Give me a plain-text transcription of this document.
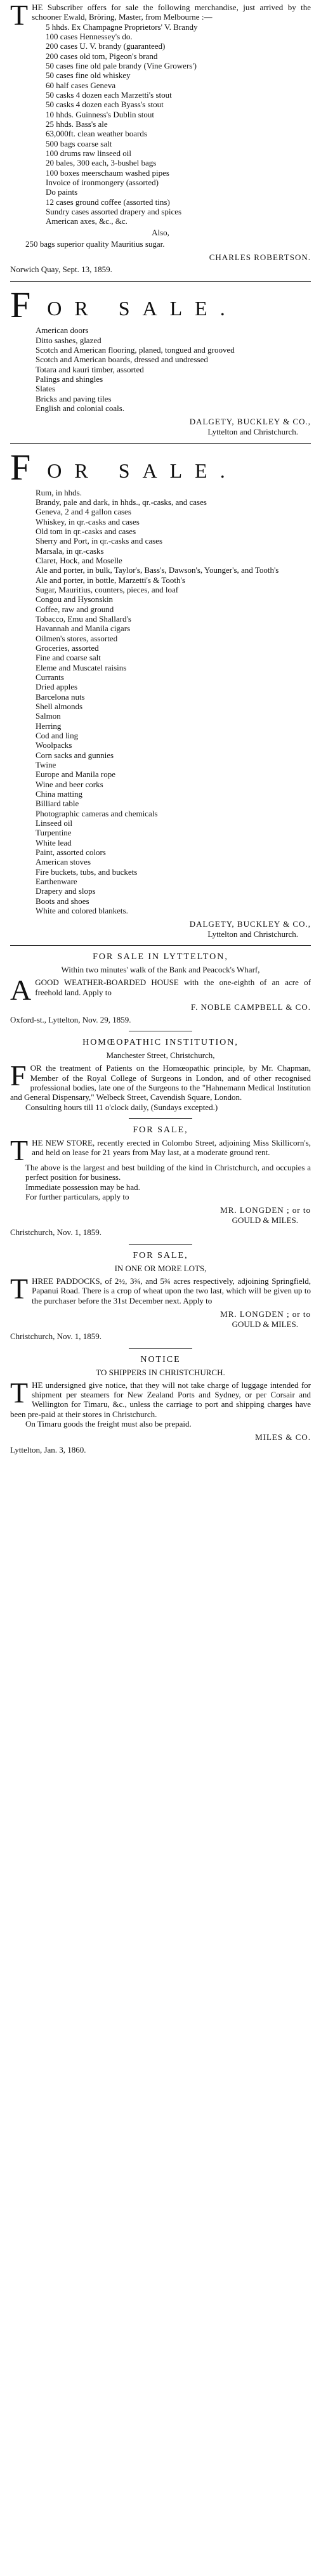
THE Subscriber offers for sale the following merchandise, just arrived by the schooner Ewald, Bröring, Master, from Melbourne :—

5 hhds. Ex Champagne Proprietors' V. Brandy
100 cases Hennessey's do.
200 cases U. V. brandy (guaranteed)
200 cases old tom, Pigeon's brand
50 cases fine old pale brandy (Vine Growers')
50 cases fine old whiskey
60 half cases Geneva
50 casks 4 dozen each Marzetti's stout
50 casks 4 dozen each Byass's stout
10 hhds. Guinness's Dublin stout
25 hhds. Bass's ale
63,000ft. clean weather boards
500 bags coarse salt
100 drums raw linseed oil
20 bales, 300 each, 3-bushel bags
100 boxes meerschaum washed pipes
Invoice of ironmongery (assorted)
Do paints
12 cases ground coffee (assorted tins)
Sundry cases assorted drapery and spices
American axes, &c., &c.

Also,

250 bags superior quality Mauritius sugar.

CHARLES ROBERTSON.

Norwich Quay, Sept. 13, 1859.

F OR SALE.
American doors
Ditto sashes, glazed
Scotch and American flooring, planed, tongued and grooved
Scotch and American boards, dressed and undressed
Totara and kauri timber, assorted
Palings and shingles
Slates
Bricks and paving tiles
English and colonial coals.

DALGETY, BUCKLEY & CO.,

Lyttelton and Christchurch.

F OR SALE.
Rum, in hhds.
Brandy, pale and dark, in hhds., qr.-casks, and cases
Geneva, 2 and 4 gallon cases
Whiskey, in qr.-casks and cases
Old tom in qr.-casks and cases
Sherry and Port, in qr.-casks and cases
Marsala, in qr.-casks
Claret, Hock, and Moselle
Ale and porter, in bulk, Taylor's, Bass's, Dawson's, Younger's, and Tooth's
Ale and porter, in bottle, Marzetti's & Tooth's
Sugar, Mauritius, counters, pieces, and loaf
Congou and Hysonskin
Coffee, raw and ground
Tobacco, Emu and Shallard's
Havannah and Manila cigars
Oilmen's stores, assorted
Groceries, assorted
Fine and coarse salt
Eleme and Muscatel raisins
Currants
Dried apples
Barcelona nuts
Shell almonds
Salmon
Herring
Cod and ling
Woolpacks
Corn sacks and gunnies
Twine
Europe and Manila rope
Wine and beer corks
China matting
Billiard table
Photographic cameras and chemicals
Linseed oil
Turpentine
White lead
Paint, assorted colors
American stoves
Fire buckets, tubs, and buckets
Earthenware
Drapery and slops
Boots and shoes
White and colored blankets.

DALGETY, BUCKLEY & CO.,

Lyttelton and Christchurch.

FOR SALE IN LYTTELTON,

Within two minutes' walk of the Bank and Peacock's Wharf,

A GOOD WEATHER-BOARDED HOUSE with the one-eighth of an acre of freehold land. Apply to

F. NOBLE CAMPBELL & CO.

Oxford-st., Lyttelton, Nov. 29, 1859.

HOMŒOPATHIC INSTITUTION,

Manchester Street, Christchurch,

FOR the treatment of Patients on the Homœopathic principle, by Mr. Chapman, Member of the Royal College of Surgeons in London, and of other recognised professional bodies, late one of the Surgeons to the "Hahnemann Medical Institution and General Dispensary," Welbeck Street, Cavendish Square, London.

Consulting hours till 11 o'clock daily, (Sundays excepted.)

FOR SALE,

THE NEW STORE, recently erected in Colombo Street, adjoining Miss Skillicorn's, and held on lease for 21 years from May last, at a moderate ground rent.

The above is the largest and best building of the kind in Christchurch, and occupies a perfect position for business.

Immediate possession may be had.

For further particulars, apply to

MR. LONGDEN ; or to

GOULD & MILES.

Christchurch, Nov. 1, 1859.

FOR SALE,

IN ONE OR MORE LOTS,

THREE PADDOCKS, of 2½, 3¾, and 5¾ acres respectively, adjoining Springfield, Papanui Road. There is a crop of wheat upon the two last, which will be given up to the purchaser before the 31st December next. Apply to

MR. LONGDEN ; or to

GOULD & MILES.

Christchurch, Nov. 1, 1859.

NOTICE

TO SHIPPERS IN CHRISTCHURCH.

THE undersigned give notice, that they will not take charge of luggage intended for shipment per steamers for New Zealand Ports and Sydney, or per Corsair and Wellington for Timaru, &c., unless the carriage to port and shipping charges have been pre-paid at their stores in Christchurch.

On Timaru goods the freight must also be prepaid.

MILES & CO.

Lyttelton, Jan. 3, 1860.
